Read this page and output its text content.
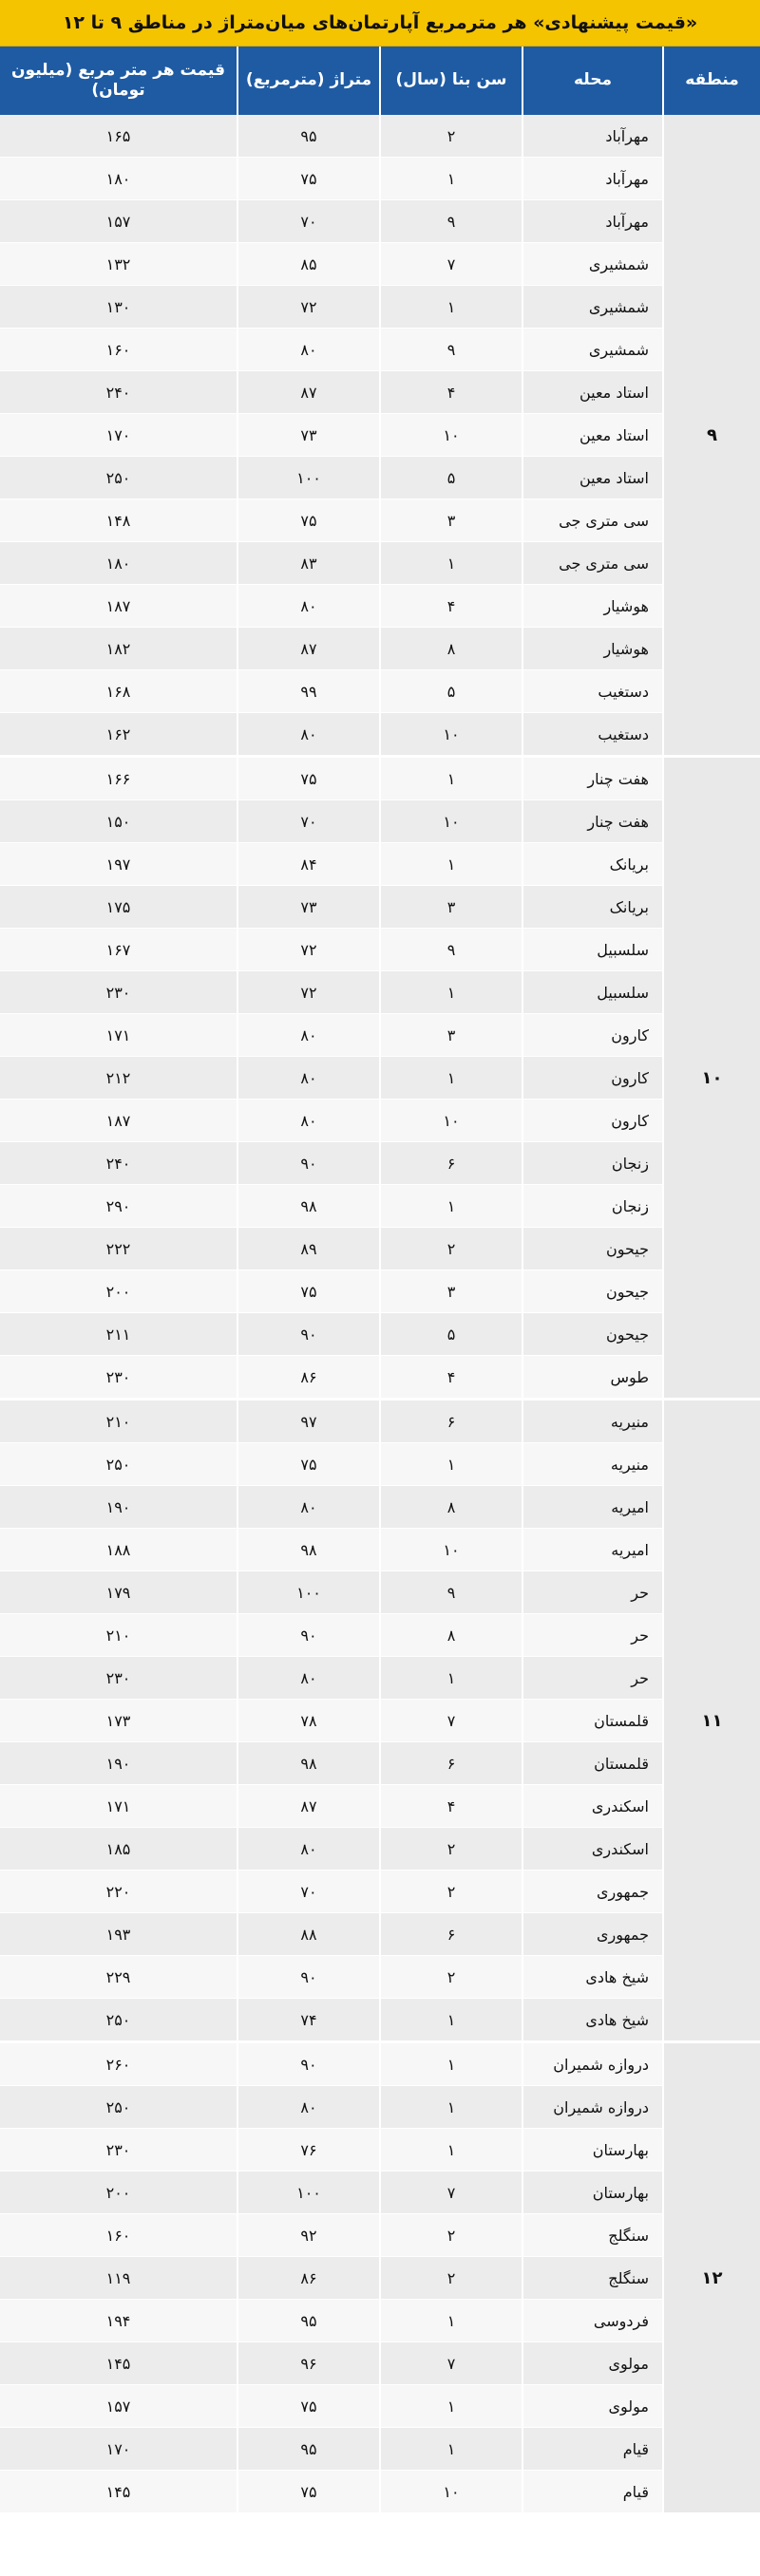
«قیمت پیشنهادی» هر مترمربع آپارتمان‌های میان‌متراژ در مناطق ۹ تا ۱۲
منطقه	محله	سن بنا (سال)	متراژ (مترمربع)	قیمت هر متر مربع (میلیون تومان)
۹	مهرآباد	۲	۹۵	۱۶۵
	مهرآباد	۱	۷۵	۱۸۰
	مهرآباد	۹	۷۰	۱۵۷
	شمشیری	۷	۸۵	۱۳۲
	شمشیری	۱	۷۲	۱۳۰
	شمشیری	۹	۸۰	۱۶۰
	استاد معین	۴	۸۷	۲۴۰
	استاد معین	۱۰	۷۳	۱۷۰
	استاد معین	۵	۱۰۰	۲۵۰
	سی متری جی	۳	۷۵	۱۴۸
	سی متری جی	۱	۸۳	۱۸۰
	هوشیار	۴	۸۰	۱۸۷
	هوشیار	۸	۸۷	۱۸۲
	دستغیب	۵	۹۹	۱۶۸
	دستغیب	۱۰	۸۰	۱۶۲
۱۰	هفت چنار	۱	۷۵	۱۶۶
	هفت چنار	۱۰	۷۰	۱۵۰
	بریانک	۱	۸۴	۱۹۷
	بریانک	۳	۷۳	۱۷۵
	سلسبیل	۹	۷۲	۱۶۷
	سلسبیل	۱	۷۲	۲۳۰
	کارون	۳	۸۰	۱۷۱
	کارون	۱	۸۰	۲۱۲
	کارون	۱۰	۸۰	۱۸۷
	زنجان	۶	۹۰	۲۴۰
	زنجان	۱	۹۸	۲۹۰
	جیحون	۲	۸۹	۲۲۲
	جیحون	۳	۷۵	۲۰۰
	جیحون	۵	۹۰	۲۱۱
	طوس	۴	۸۶	۲۳۰
۱۱	منیریه	۶	۹۷	۲۱۰
	منیریه	۱	۷۵	۲۵۰
	امیریه	۸	۸۰	۱۹۰
	امیریه	۱۰	۹۸	۱۸۸
	حر	۹	۱۰۰	۱۷۹
	حر	۸	۹۰	۲۱۰
	حر	۱	۸۰	۲۳۰
	قلمستان	۷	۷۸	۱۷۳
	قلمستان	۶	۹۸	۱۹۰
	اسکندری	۴	۸۷	۱۷۱
	اسکندری	۲	۸۰	۱۸۵
	جمهوری	۲	۷۰	۲۲۰
	جمهوری	۶	۸۸	۱۹۳
	شیخ هادی	۲	۹۰	۲۲۹
	شیخ هادی	۱	۷۴	۲۵۰
۱۲	دروازه شمیران	۱	۹۰	۲۶۰
	دروازه شمیران	۱	۸۰	۲۵۰
	بهارستان	۱	۷۶	۲۳۰
	بهارستان	۷	۱۰۰	۲۰۰
	سنگلج	۲	۹۲	۱۶۰
	سنگلج	۲	۸۶	۱۱۹
	فردوسی	۱	۹۵	۱۹۴
	مولوی	۷	۹۶	۱۴۵
	مولوی	۱	۷۵	۱۵۷
	قیام	۱	۹۵	۱۷۰
	قیام	۱۰	۷۵	۱۴۵
